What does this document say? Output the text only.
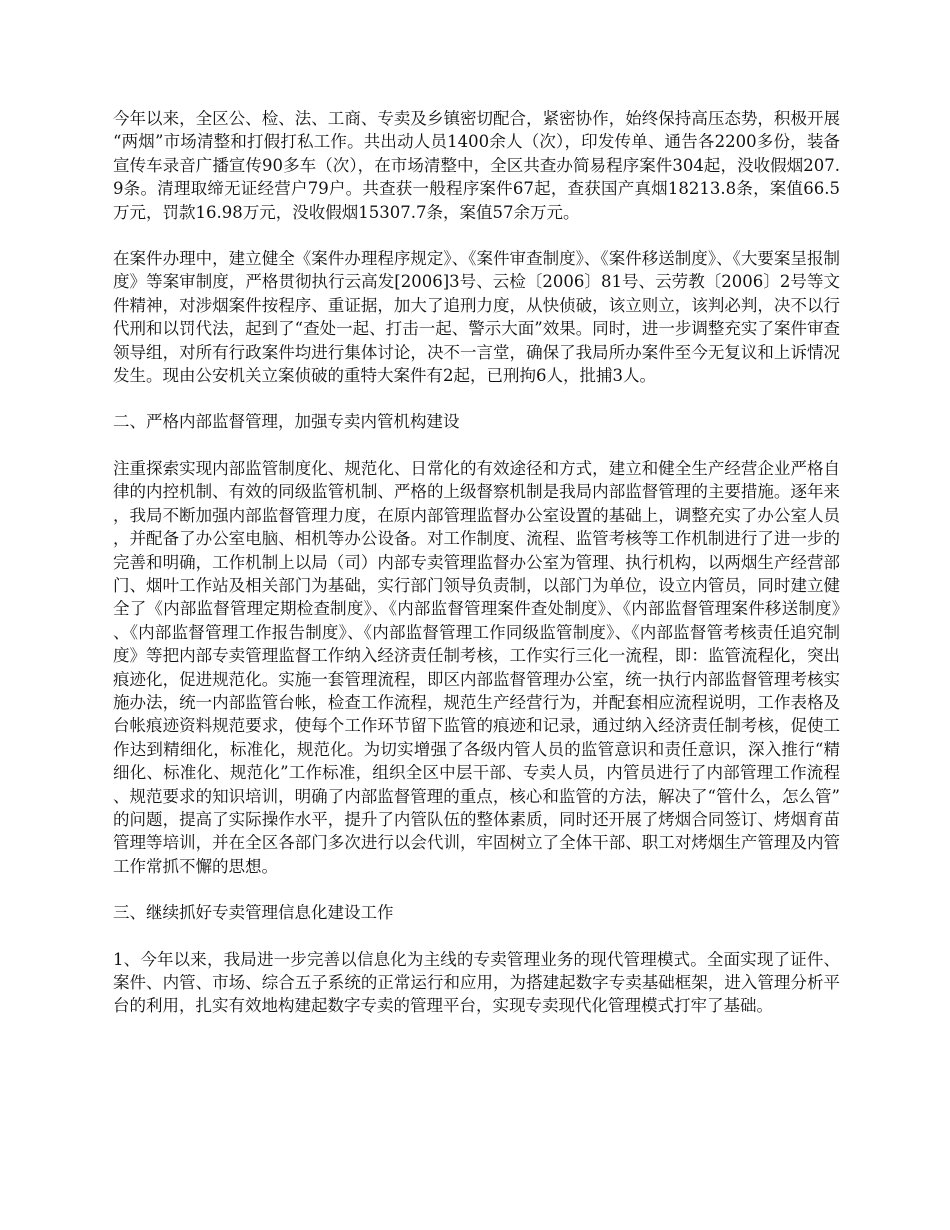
今年以来，全区公、检、法、工商、专卖及乡镇密切配合，紧密协作，始终保持高压态势，积极开展“两烟”市场清整和打假打私工作。共出动人员1400余人（次），印发传单、通告各2200多份，装备宣传车录音广播宣传90多车（次），在市场清整中，全区共查办简易程序案件304起，没收假烟207.9条。清理取缔无证经营户79户。共查获一般程序案件67起，查获国产真烟18213.8条，案值66.5万元，罚款16.98万元，没收假烟15307.7条，案值57余万元。

在案件办理中，建立健全《案件办理程序规定》、《案件审查制度》、《案件移送制度》、《大要案呈报制度》等案审制度，严格贯彻执行云高发[2006]3号、云检〔2006〕81号、云劳教〔2006〕2号等文件精神，对涉烟案件按程序、重证据，加大了追刑力度，从快侦破，该立则立，该判必判，决不以行代刑和以罚代法，起到了“查处一起、打击一起、警示大面”效果。同时，进一步调整充实了案件审查领导组，对所有行政案件均进行集体讨论，决不一言堂，确保了我局所办案件至今无复议和上诉情况发生。现由公安机关立案侦破的重特大案件有2起，已刑拘6人，批捕3人。

二、严格内部监督管理，加强专卖内管机构建设

注重探索实现内部监管制度化、规范化、日常化的有效途径和方式，建立和健全生产经营企业严格自律的内控机制、有效的同级监管机制、严格的上级督察机制是我局内部监督管理的主要措施。逐年来，我局不断加强内部监督管理力度，在原内部管理监督办公室设置的基础上，调整充实了办公室人员，并配备了办公室电脑、相机等办公设备。对工作制度、流程、监管考核等工作机制进行了进一步的完善和明确，工作机制上以局（司）内部专卖管理监督办公室为管理、执行机构，以两烟生产经营部门、烟叶工作站及相关部门为基础，实行部门领导负责制，以部门为单位，设立内管员，同时建立健全了《内部监督管理定期检查制度》、《内部监督管理案件查处制度》、《内部监督管理案件移送制度》、《内部监督管理工作报告制度》、《内部监督管理工作同级监管制度》、《内部监督管考核责任追究制度》等把内部专卖管理监督工作纳入经济责任制考核，工作实行三化一流程，即：监管流程化，突出痕迹化，促进规范化。实施一套管理流程，即区内部监督管理办公室，统一执行内部监督管理考核实施办法，统一内部监管台帐，检查工作流程，规范生产经营行为，并配套相应流程说明，工作表格及台帐痕迹资料规范要求，使每个工作环节留下监管的痕迹和记录，通过纳入经济责任制考核，促使工作达到精细化，标准化，规范化。为切实增强了各级内管人员的监管意识和责任意识，深入推行“精细化、标准化、规范化”工作标准，组织全区中层干部、专卖人员，内管员进行了内部管理工作流程、规范要求的知识培训，明确了内部监督管理的重点，核心和监管的方法，解决了“管什么，怎么管”的问题，提高了实际操作水平，提升了内管队伍的整体素质，同时还开展了烤烟合同签订、烤烟育苗管理等培训，并在全区各部门多次进行以会代训，牢固树立了全体干部、职工对烤烟生产管理及内管工作常抓不懈的思想。

三、继续抓好专卖管理信息化建设工作

1、今年以来，我局进一步完善以信息化为主线的专卖管理业务的现代管理模式。全面实现了证件、案件、内管、市场、综合五子系统的正常运行和应用，为搭建起数字专卖基础框架，进入管理分析平台的利用，扎实有效地构建起数字专卖的管理平台，实现专卖现代化管理模式打牢了基础。
